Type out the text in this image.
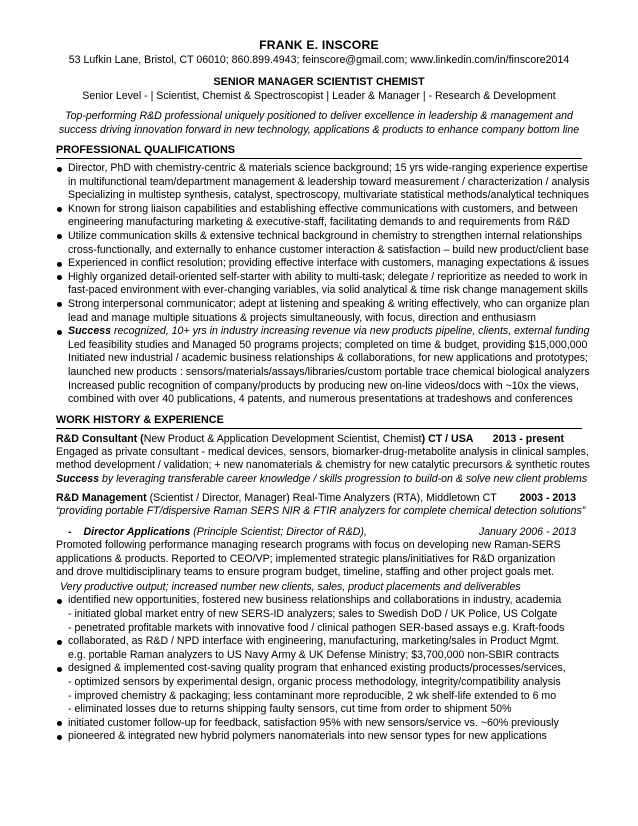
FRANK E. INSCORE
53 Lufkin Lane, Bristol, CT 06010; 860.899.4943; feinscore@gmail.com; www.linkedin.com/in/finscore2014
SENIOR MANAGER SCIENTIST CHEMIST
Senior Level - | Scientist, Chemist & Spectroscopist | Leader & Manager | - Research & Development
Top-performing R&D professional uniquely positioned to deliver excellence in leadership & management and
success driving innovation forward in new technology, applications & products to enhance company bottom line
PROFESSIONAL QUALIFICATIONS
Director, PhD with chemistry-centric & materials science background; 15 yrs wide-ranging experience expertise
in multifunctional team/department management & leadership toward measurement / characterization / analysis
Specializing in multistep synthesis, catalyst, spectroscopy, multivariate statistical methods/analytical techniques
Known for strong liaison capabilities and establishing effective communications with customers, and between
engineering manufacturing marketing & executive-staff, facilitating demands to and requirements from R&D
Utilize communication skills & extensive technical background in chemistry to strengthen internal relationships
cross-functionally, and externally to enhance customer interaction & satisfaction – build new product/client base
Experienced in conflict resolution; providing effective interface with customers, managing expectations & issues
Highly organized detail-oriented self-starter with ability to multi-task; delegate / reprioritize as needed to work in
fast-paced environment with ever-changing variables, via solid analytical & time risk change management skills
Strong interpersonal communicator; adept at listening and speaking & writing effectively, who can organize plan
lead and manage multiple situations & projects simultaneously, with focus, direction and enthusiasm
Success recognized, 10+ yrs in industry increasing revenue via new products pipeline, clients, external funding
Led feasibility studies and Managed 50 programs projects; completed on time & budget, providing $15,000,000
Initiated new industrial / academic business relationships & collaborations, for new applications and prototypes;
launched new products : sensors/materials/assays/libraries/custom portable trace chemical biological analyzers
Increased public recognition of company/products by producing new on-line videos/docs with ~10x the views,
combined with over 40 publications, 4 patents, and numerous presentations at tradeshows and conferences
WORK HISTORY & EXPERIENCE
R&D Consultant (New Product & Application Development Scientist, Chemist) CT / USA 2013 - present
Engaged as private consultant - medical devices, sensors, biomarker-drug-metabolite analysis in clinical samples,
method development / validation; + new nanomaterials & chemistry for new catalytic precursors & synthetic routes
Success by leveraging transferable career knowledge / skills progression to build-on & solve new client problems
R&D Management (Scientist / Director, Manager) Real-Time Analyzers (RTA), Middletown CT 2003 - 2013
“providing portable FT/dispersive Raman SERS NIR & FTIR analyzers for complete chemical detection solutions”
- Director Applications (Principle Scientist; Director of R&D),	January 2006 - 2013
Promoted following performance managing research programs with focus on developing new Raman-SERS
applications & products. Reported to CEO/VP; implemented strategic plans/initiatives for R&D organization
and drove multidisciplinary teams to ensure program budget, timeline, staffing and other project goals met.
Very productive output; increased number new clients, sales, product placements and deliverables
identified new opportunities, fostered new business relationships and collaborations in industry, academia
- initiated global market entry of new SERS-ID analyzers; sales to Swedish DoD / UK Police, US Colgate
- penetrated profitable markets with innovative food / clinical pathogen SER-based assays e.g. Kraft-foods
collaborated, as R&D / NPD interface with engineering, manufacturing, marketing/sales in Product Mgmt.
e.g. portable Raman analyzers to US Navy Army & UK Defense Ministry; $3,700,000 non-SBIR contracts
designed & implemented cost-saving quality program that enhanced existing products/processes/services,
- optimized sensors by experimental design, organic process methodology, integrity/compatibility analysis
- improved chemistry & packaging; less contaminant more reproducible, 2 wk shelf-life extended to 6 mo
- eliminated losses due to returns shipping faulty sensors, cut time from order to shipment 50%
initiated customer follow-up for feedback, satisfaction 95% with new sensors/service vs. ~60% previously
pioneered & integrated new hybrid polymers nanomaterials into new sensor types for new applications
